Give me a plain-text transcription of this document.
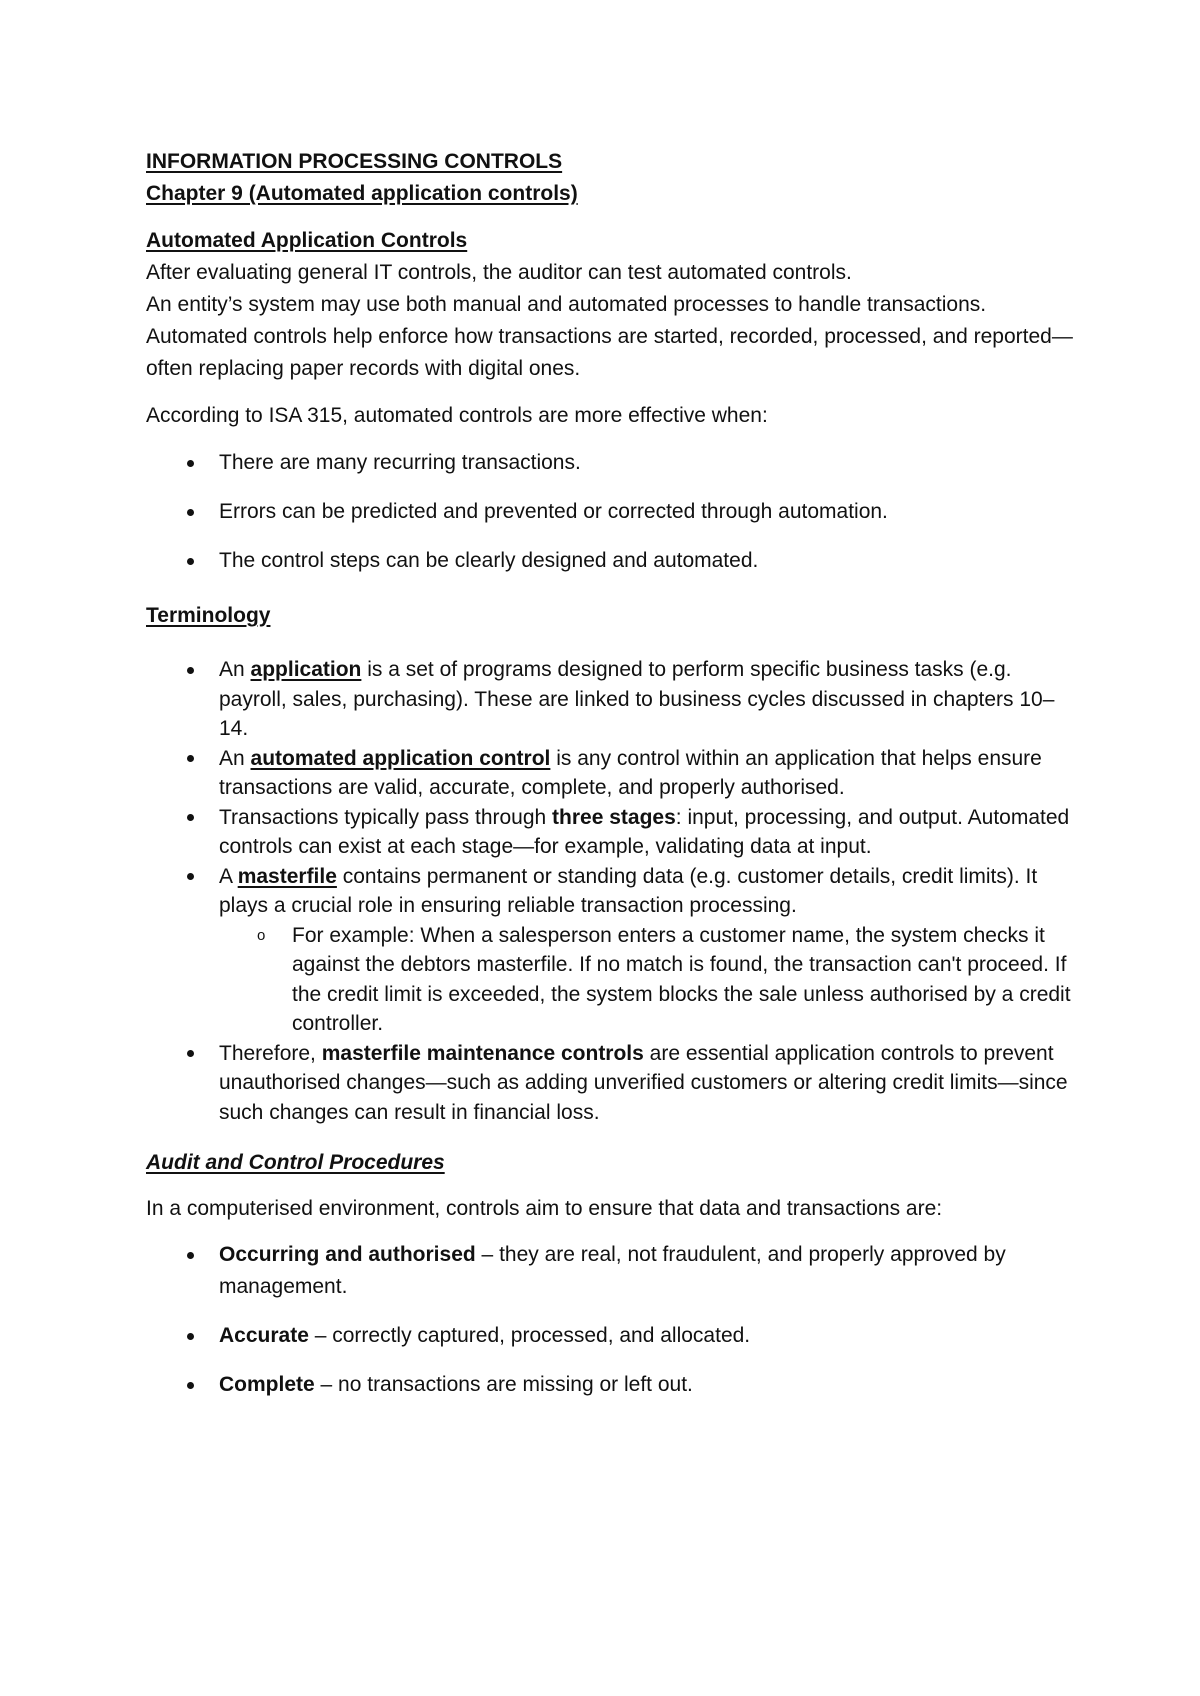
INFORMATION PROCESSING CONTROLS

Chapter 9 (Automated application controls)

Automated Application Controls

After evaluating general IT controls, the auditor can test automated controls.

An entity’s system may use both manual and automated processes to handle transactions. Automated controls help enforce how transactions are started, recorded, processed, and reported—often replacing paper records with digital ones.

According to ISA 315, automated controls are more effective when:

There are many recurring transactions.
Errors can be predicted and prevented or corrected through automation.
The control steps can be clearly designed and automated.

Terminology

An application is a set of programs designed to perform specific business tasks (e.g. payroll, sales, purchasing). These are linked to business cycles discussed in chapters 10–14.
An automated application control is any control within an application that helps ensure transactions are valid, accurate, complete, and properly authorised.
Transactions typically pass through three stages: input, processing, and output. Automated controls can exist at each stage—for example, validating data at input.
A masterfile contains permanent or standing data (e.g. customer details, credit limits). It plays a crucial role in ensuring reliable transaction processing.
o	For example: When a salesperson enters a customer name, the system checks it against the debtors masterfile. If no match is found, the transaction can't proceed. If the credit limit is exceeded, the system blocks the sale unless authorised by a credit controller.
Therefore, masterfile maintenance controls are essential application controls to prevent unauthorised changes—such as adding unverified customers or altering credit limits—since such changes can result in financial loss.

Audit and Control Procedures

In a computerised environment, controls aim to ensure that data and transactions are:

Occurring and authorised – they are real, not fraudulent, and properly approved by management.
Accurate – correctly captured, processed, and allocated.
Complete – no transactions are missing or left out.
